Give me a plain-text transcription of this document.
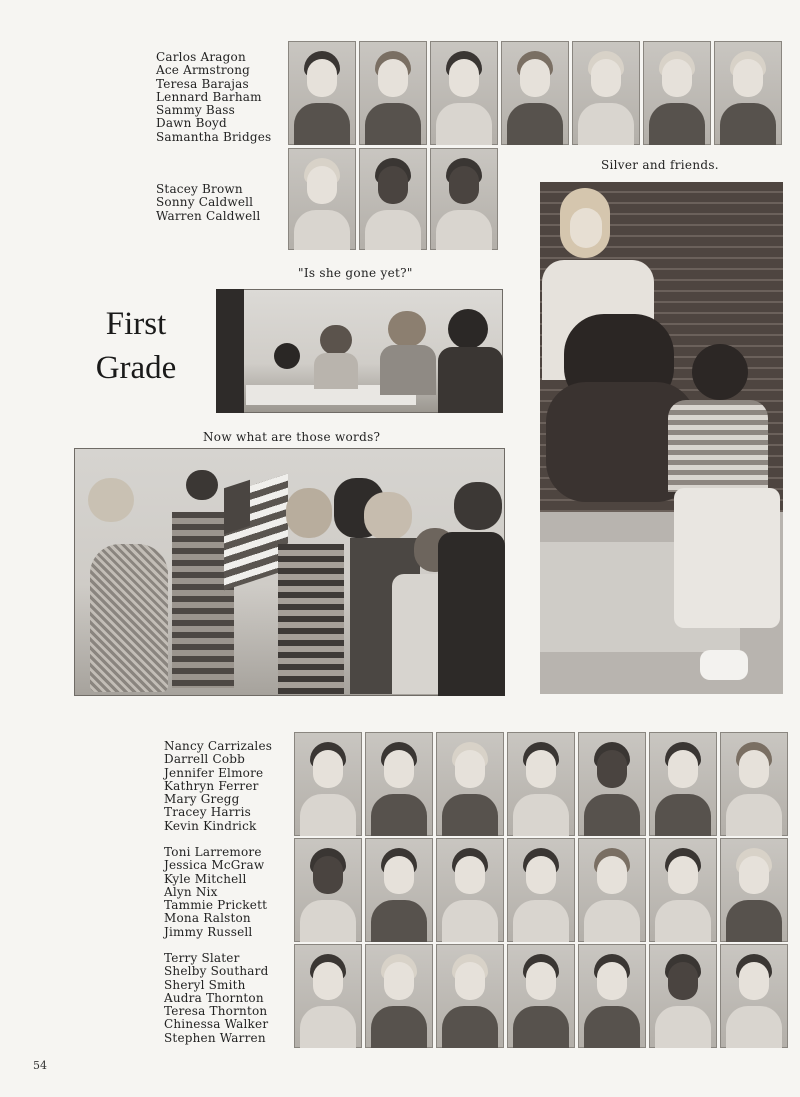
Carlos Aragon
Ace Armstrong
Teresa Barajas
Lennard Barham
Sammy Bass
Dawn Boyd
Samantha Bridges
Stacey Brown
Sonny Caldwell
Warren Caldwell
Nancy Carrizales
Darrell Cobb
Jennifer Elmore
Kathryn Ferrer
Mary Gregg
Tracey Harris
Kevin Kindrick
Toni Larremore
Jessica McGraw
Kyle Mitchell
Alyn Nix
Tammie Prickett
Mona Ralston
Jimmy Russell
Terry Slater
Shelby Southard
Sheryl Smith
Audra Thornton
Teresa Thornton
Chinessa Walker
Stephen Warren
Silver and friends.
"Is she gone yet?"
Now what are those words?
First
Grade
54
